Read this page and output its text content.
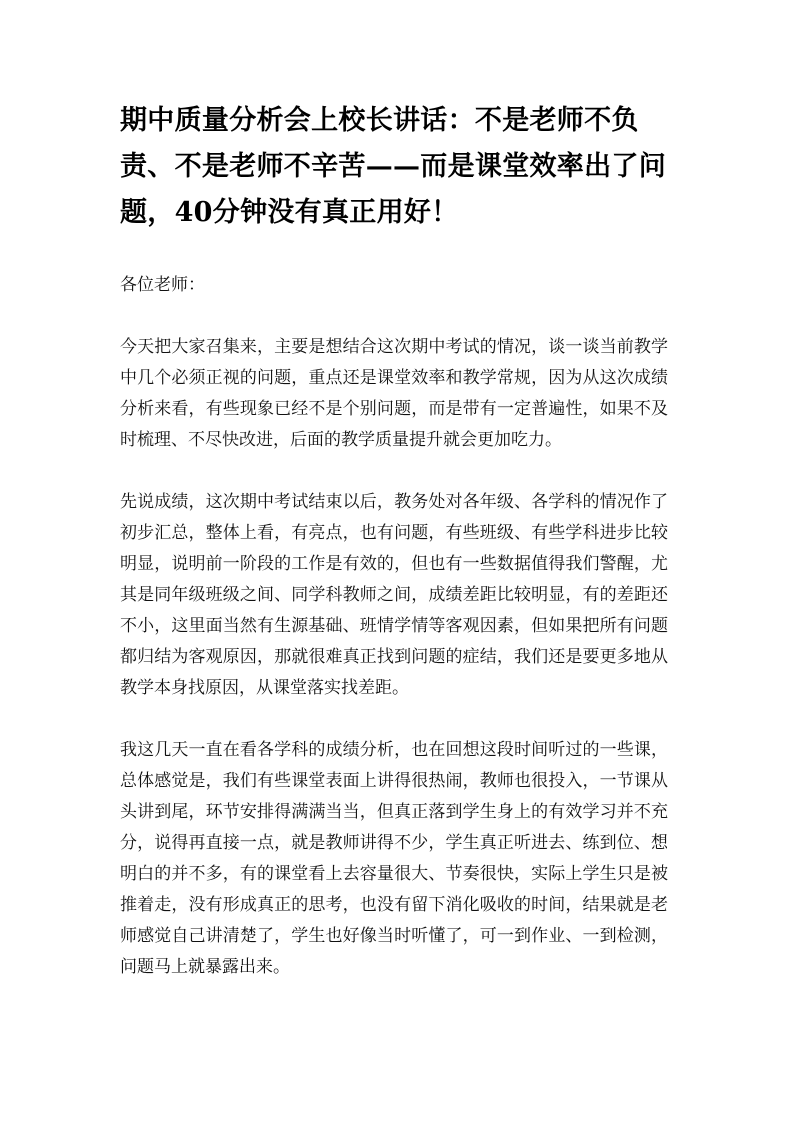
期中质量分析会上校长讲话：不是老师不负责、不是老师不辛苦——而是课堂效率出了问题，40分钟没有真正用好！

各位老师：

今天把大家召集来，主要是想结合这次期中考试的情况，谈一谈当前教学中几个必须正视的问题，重点还是课堂效率和教学常规，因为从这次成绩分析来看，有些现象已经不是个别问题，而是带有一定普遍性，如果不及时梳理、不尽快改进，后面的教学质量提升就会更加吃力。

先说成绩，这次期中考试结束以后，教务处对各年级、各学科的情况作了初步汇总，整体上看，有亮点，也有问题，有些班级、有些学科进步比较明显，说明前一阶段的工作是有效的，但也有一些数据值得我们警醒，尤其是同年级班级之间、同学科教师之间，成绩差距比较明显，有的差距还不小，这里面当然有生源基础、班情学情等客观因素，但如果把所有问题都归结为客观原因，那就很难真正找到问题的症结，我们还是要更多地从教学本身找原因，从课堂落实找差距。

我这几天一直在看各学科的成绩分析，也在回想这段时间听过的一些课，总体感觉是，我们有些课堂表面上讲得很热闹，教师也很投入，一节课从头讲到尾，环节安排得满满当当，但真正落到学生身上的有效学习并不充分，说得再直接一点，就是教师讲得不少，学生真正听进去、练到位、想明白的并不多，有的课堂看上去容量很大、节奏很快，实际上学生只是被推着走，没有形成真正的思考，也没有留下消化吸收的时间，结果就是老师感觉自己讲清楚了，学生也好像当时听懂了，可一到作业、一到检测，问题马上就暴露出来。
